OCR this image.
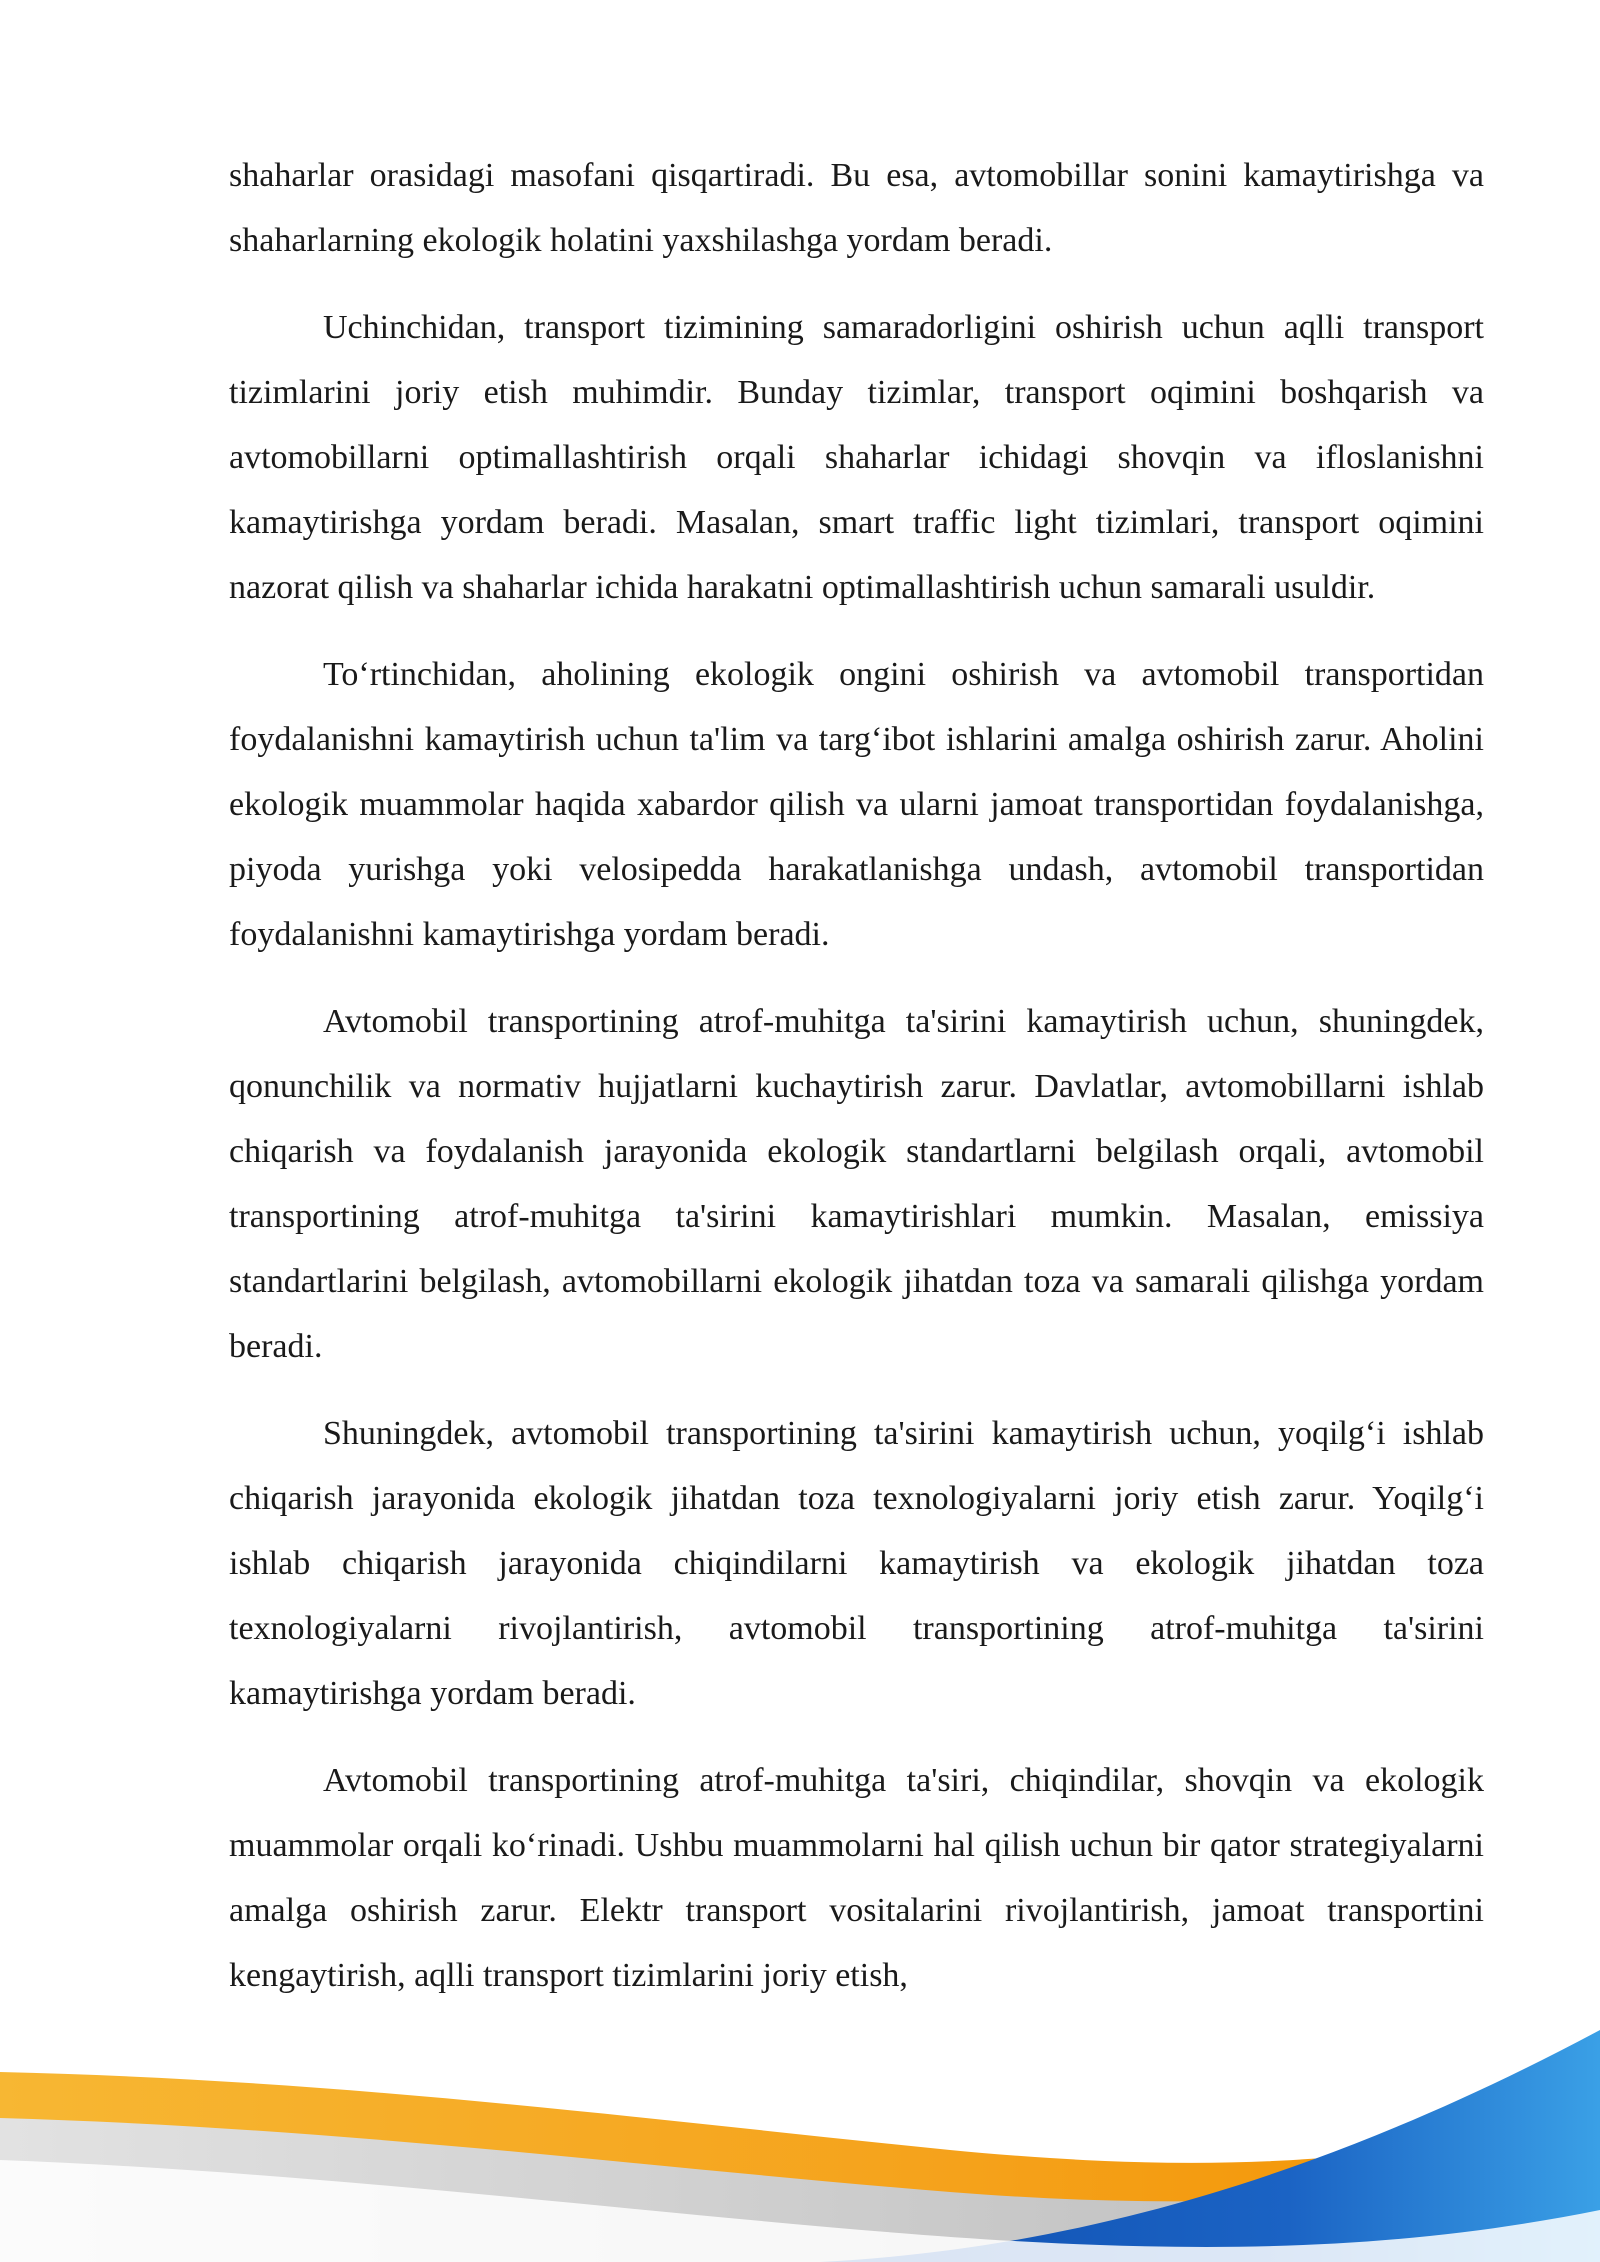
shaharlar orasidagi masofani qisqartiradi. Bu esa, avtomobillar sonini kamaytirishga va shaharlarning ekologik holatini yaxshilashga yordam beradi.

Uchinchidan, transport tizimining samaradorligini oshirish uchun aqlli transport tizimlarini joriy etish muhimdir. Bunday tizimlar, transport oqimini boshqarish va avtomobillarni optimallashtirish orqali shaharlar ichidagi shovqin va ifloslanishni kamaytirishga yordam beradi. Masalan, smart traffic light tizimlari, transport oqimini nazorat qilish va shaharlar ichida harakatni optimallashtirish uchun samarali usuldir.

To‘rtinchidan, aholining ekologik ongini oshirish va avtomobil transportidan foydalanishni kamaytirish uchun ta'lim va targ‘ibot ishlarini amalga oshirish zarur. Aholini ekologik muammolar haqida xabardor qilish va ularni jamoat transportidan foydalanishga, piyoda yurishga yoki velosipedda harakatlanishga undash, avtomobil transportidan foydalanishni kamaytirishga yordam beradi.

Avtomobil transportining atrof-muhitga ta'sirini kamaytirish uchun, shuningdek, qonunchilik va normativ hujjatlarni kuchaytirish zarur. Davlatlar, avtomobillarni ishlab chiqarish va foydalanish jarayonida ekologik standartlarni belgilash orqali, avtomobil transportining atrof-muhitga ta'sirini kamaytirishlari mumkin. Masalan, emissiya standartlarini belgilash, avtomobillarni ekologik jihatdan toza va samarali qilishga yordam beradi.

Shuningdek, avtomobil transportining ta'sirini kamaytirish uchun, yoqilg‘i ishlab chiqarish jarayonida ekologik jihatdan toza texnologiyalarni joriy etish zarur. Yoqilg‘i ishlab chiqarish jarayonida chiqindilarni kamaytirish va ekologik jihatdan toza texnologiyalarni rivojlantirish, avtomobil transportining atrof-muhitga ta'sirini kamaytirishga yordam beradi.

Avtomobil transportining atrof-muhitga ta'siri, chiqindilar, shovqin va ekologik muammolar orqali ko‘rinadi. Ushbu muammolarni hal qilish uchun bir qator strategiyalarni amalga oshirish zarur. Elektr transport vositalarini rivojlantirish, jamoat transportini kengaytirish, aqlli transport tizimlarini joriy etish,
